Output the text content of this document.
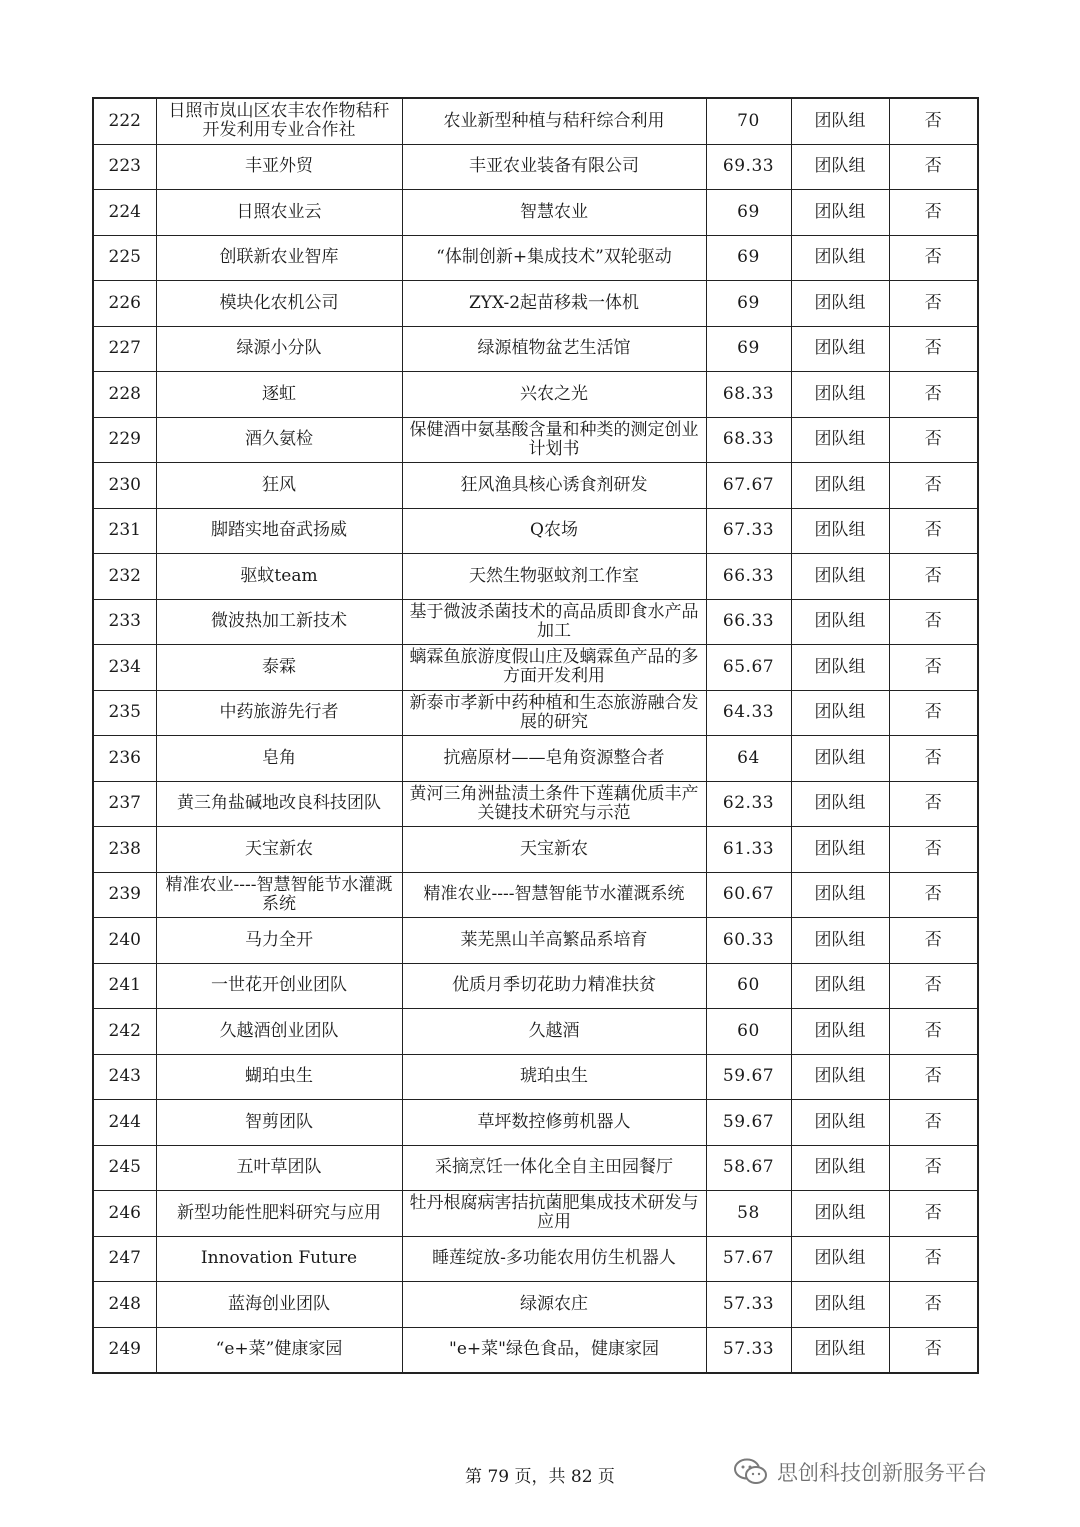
222	日照市岚山区农丰农作物秸秆开发利用专业合作社	农业新型种植与秸秆综合利用	70	团队组	否
223	丰亚外贸	丰亚农业装备有限公司	69.33	团队组	否
224	日照农业云	智慧农业	69	团队组	否
225	创联新农业智库	“体制创新+集成技术”双轮驱动	69	团队组	否
226	模块化农机公司	ZYX-2起苗移栽一体机	69	团队组	否
227	绿源小分队	绿源植物盆艺生活馆	69	团队组	否
228	逐虹	兴农之光	68.33	团队组	否
229	酒久氨检	保健酒中氨基酸含量和种类的测定创业计划书	68.33	团队组	否
230	狂风	狂风渔具核心诱食剂研发	67.67	团队组	否
231	脚踏实地奋武扬威	Q农场	67.33	团队组	否
232	驱蚊team	天然生物驱蚊剂工作室	66.33	团队组	否
233	微波热加工新技术	基于微波杀菌技术的高品质即食水产品加工	66.33	团队组	否
234	泰霖	螭霖鱼旅游度假山庄及螭霖鱼产品的多方面开发利用	65.67	团队组	否
235	中药旅游先行者	新泰市孝新中药种植和生态旅游融合发展的研究	64.33	团队组	否
236	皂角	抗癌原材——皂角资源整合者	64	团队组	否
237	黄三角盐碱地改良科技团队	黄河三角洲盐渍土条件下莲藕优质丰产关键技术研究与示范	62.33	团队组	否
238	天宝新农	天宝新农	61.33	团队组	否
239	精准农业----智慧智能节水灌溉系统	精准农业----智慧智能节水灌溉系统	60.67	团队组	否
240	马力全开	莱芜黑山羊高繁品系培育	60.33	团队组	否
241	一世花开创业团队	优质月季切花助力精准扶贫	60	团队组	否
242	久越酒创业团队	久越酒	60	团队组	否
243	蝴珀虫生	琥珀虫生	59.67	团队组	否
244	智剪团队	草坪数控修剪机器人	59.67	团队组	否
245	五叶草团队	采摘烹饪一体化全自主田园餐厅	58.67	团队组	否
246	新型功能性肥料研究与应用	牡丹根腐病害拮抗菌肥集成技术研发与应用	58	团队组	否
247	Innovation Future	睡莲绽放-多功能农用仿生机器人	57.67	团队组	否
248	蓝海创业团队	绿源农庄	57.33	团队组	否
249	“e+菜”健康家园	"e+菜"绿色食品，健康家园	57.33	团队组	否
第 79 页，共 82 页	思创科技创新服务平台
